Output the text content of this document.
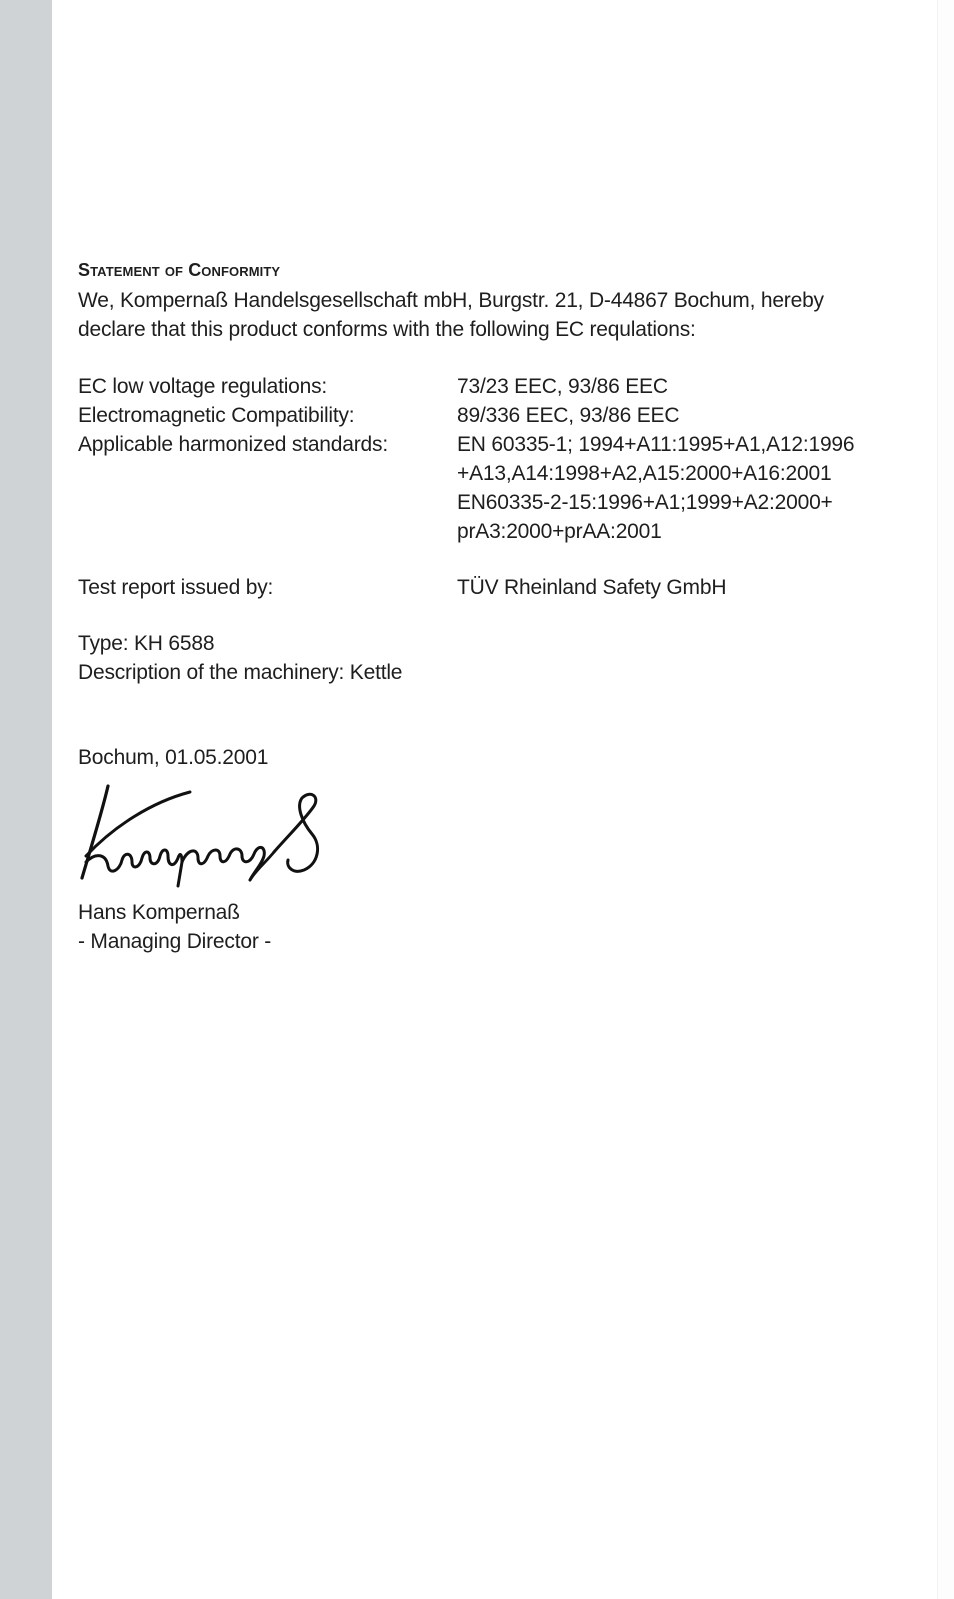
Statement of Conformity

We, Kompernaß Handelsgesellschaft mbH, Burgstr. 21, D-44867 Bochum, hereby

declare that this product conforms with the following EC requlations:

EC low voltage regulations:	73/23 EEC, 93/86 EEC
Electromagnetic Compatibility:	89/336 EEC, 93/86 EEC
Applicable harmonized standards:	EN 60335-1; 1994+A11:1995+A1,A12:1996
+A13,A14:1998+A2,A15:2000+A16:2001
EN60335-2-15:1996+A1;1999+A2:2000+
prA3:2000+prAA:2001
Test report issued by:	TÜV Rheinland Safety GmbH
Type: KH 6588
Description of the machinery: Kettle
Bochum, 01.05.2001
Hans Kompernaß
- Managing Director -
